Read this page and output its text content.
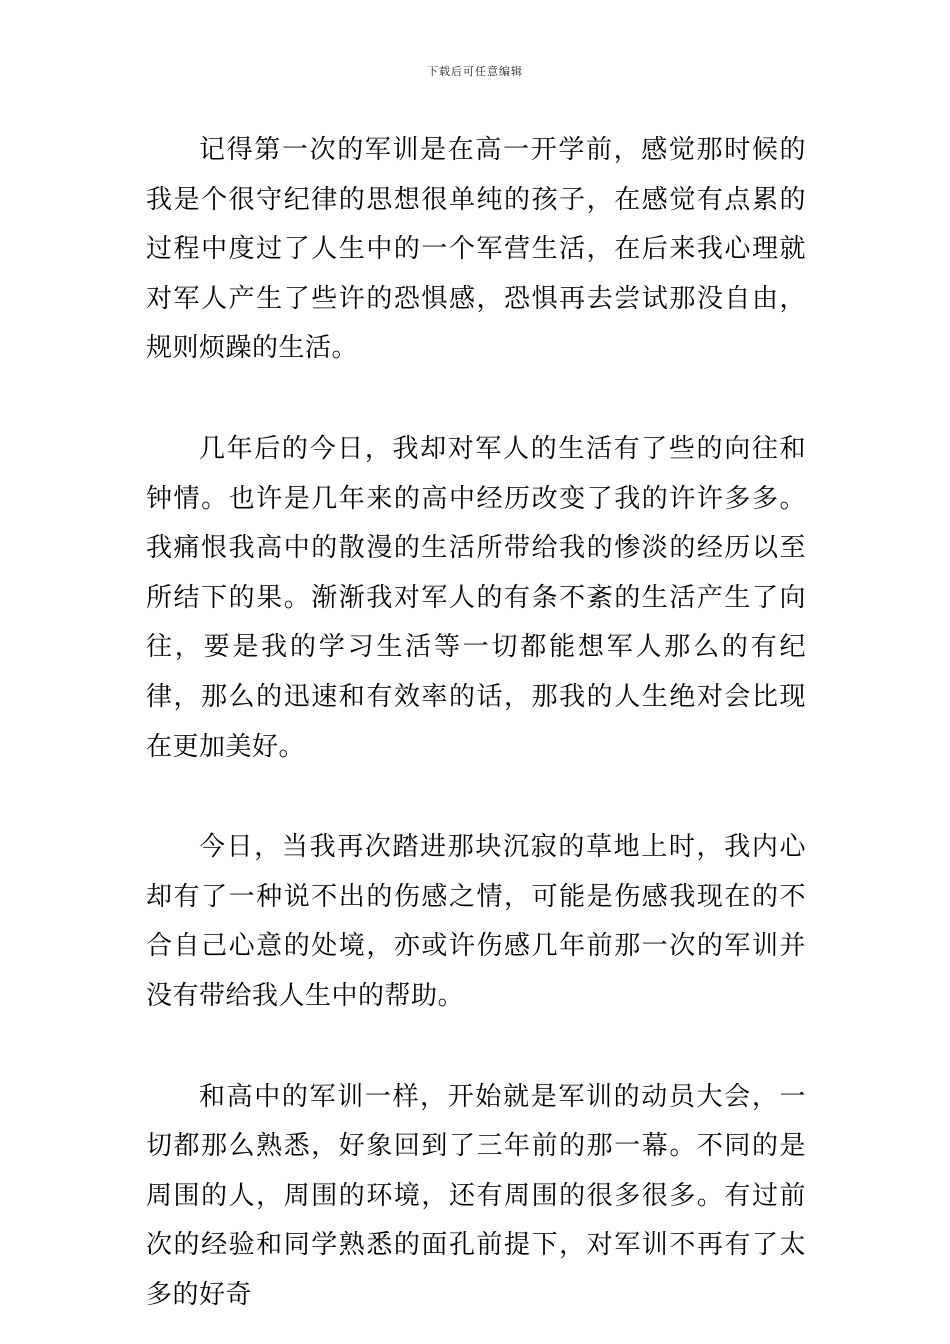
下载后可任意编辑

记得第一次的军训是在高一开学前，感觉那时候的我是个很守纪律的思想很单纯的孩子，在感觉有点累的过程中度过了人生中的一个军营生活，在后来我心理就对军人产生了些许的恐惧感，恐惧再去尝试那没自由，规则烦躁的生活。

几年后的今日，我却对军人的生活有了些的向往和钟情。也许是几年来的高中经历改变了我的许许多多。我痛恨我高中的散漫的生活所带给我的惨淡的经历以至所结下的果。渐渐我对军人的有条不紊的生活产生了向往，要是我的学习生活等一切都能想军人那么的有纪律，那么的迅速和有效率的话，那我的人生绝对会比现在更加美好。

今日，当我再次踏进那块沉寂的草地上时，我内心却有了一种说不出的伤感之情，可能是伤感我现在的不合自己心意的处境，亦或许伤感几年前那一次的军训并没有带给我人生中的帮助。

和高中的军训一样，开始就是军训的动员大会，一切都那么熟悉，好象回到了三年前的那一幕。不同的是周围的人，周围的环境，还有周围的很多很多。有过前次的经验和同学熟悉的面孔前提下，对军训不再有了太多的好奇
